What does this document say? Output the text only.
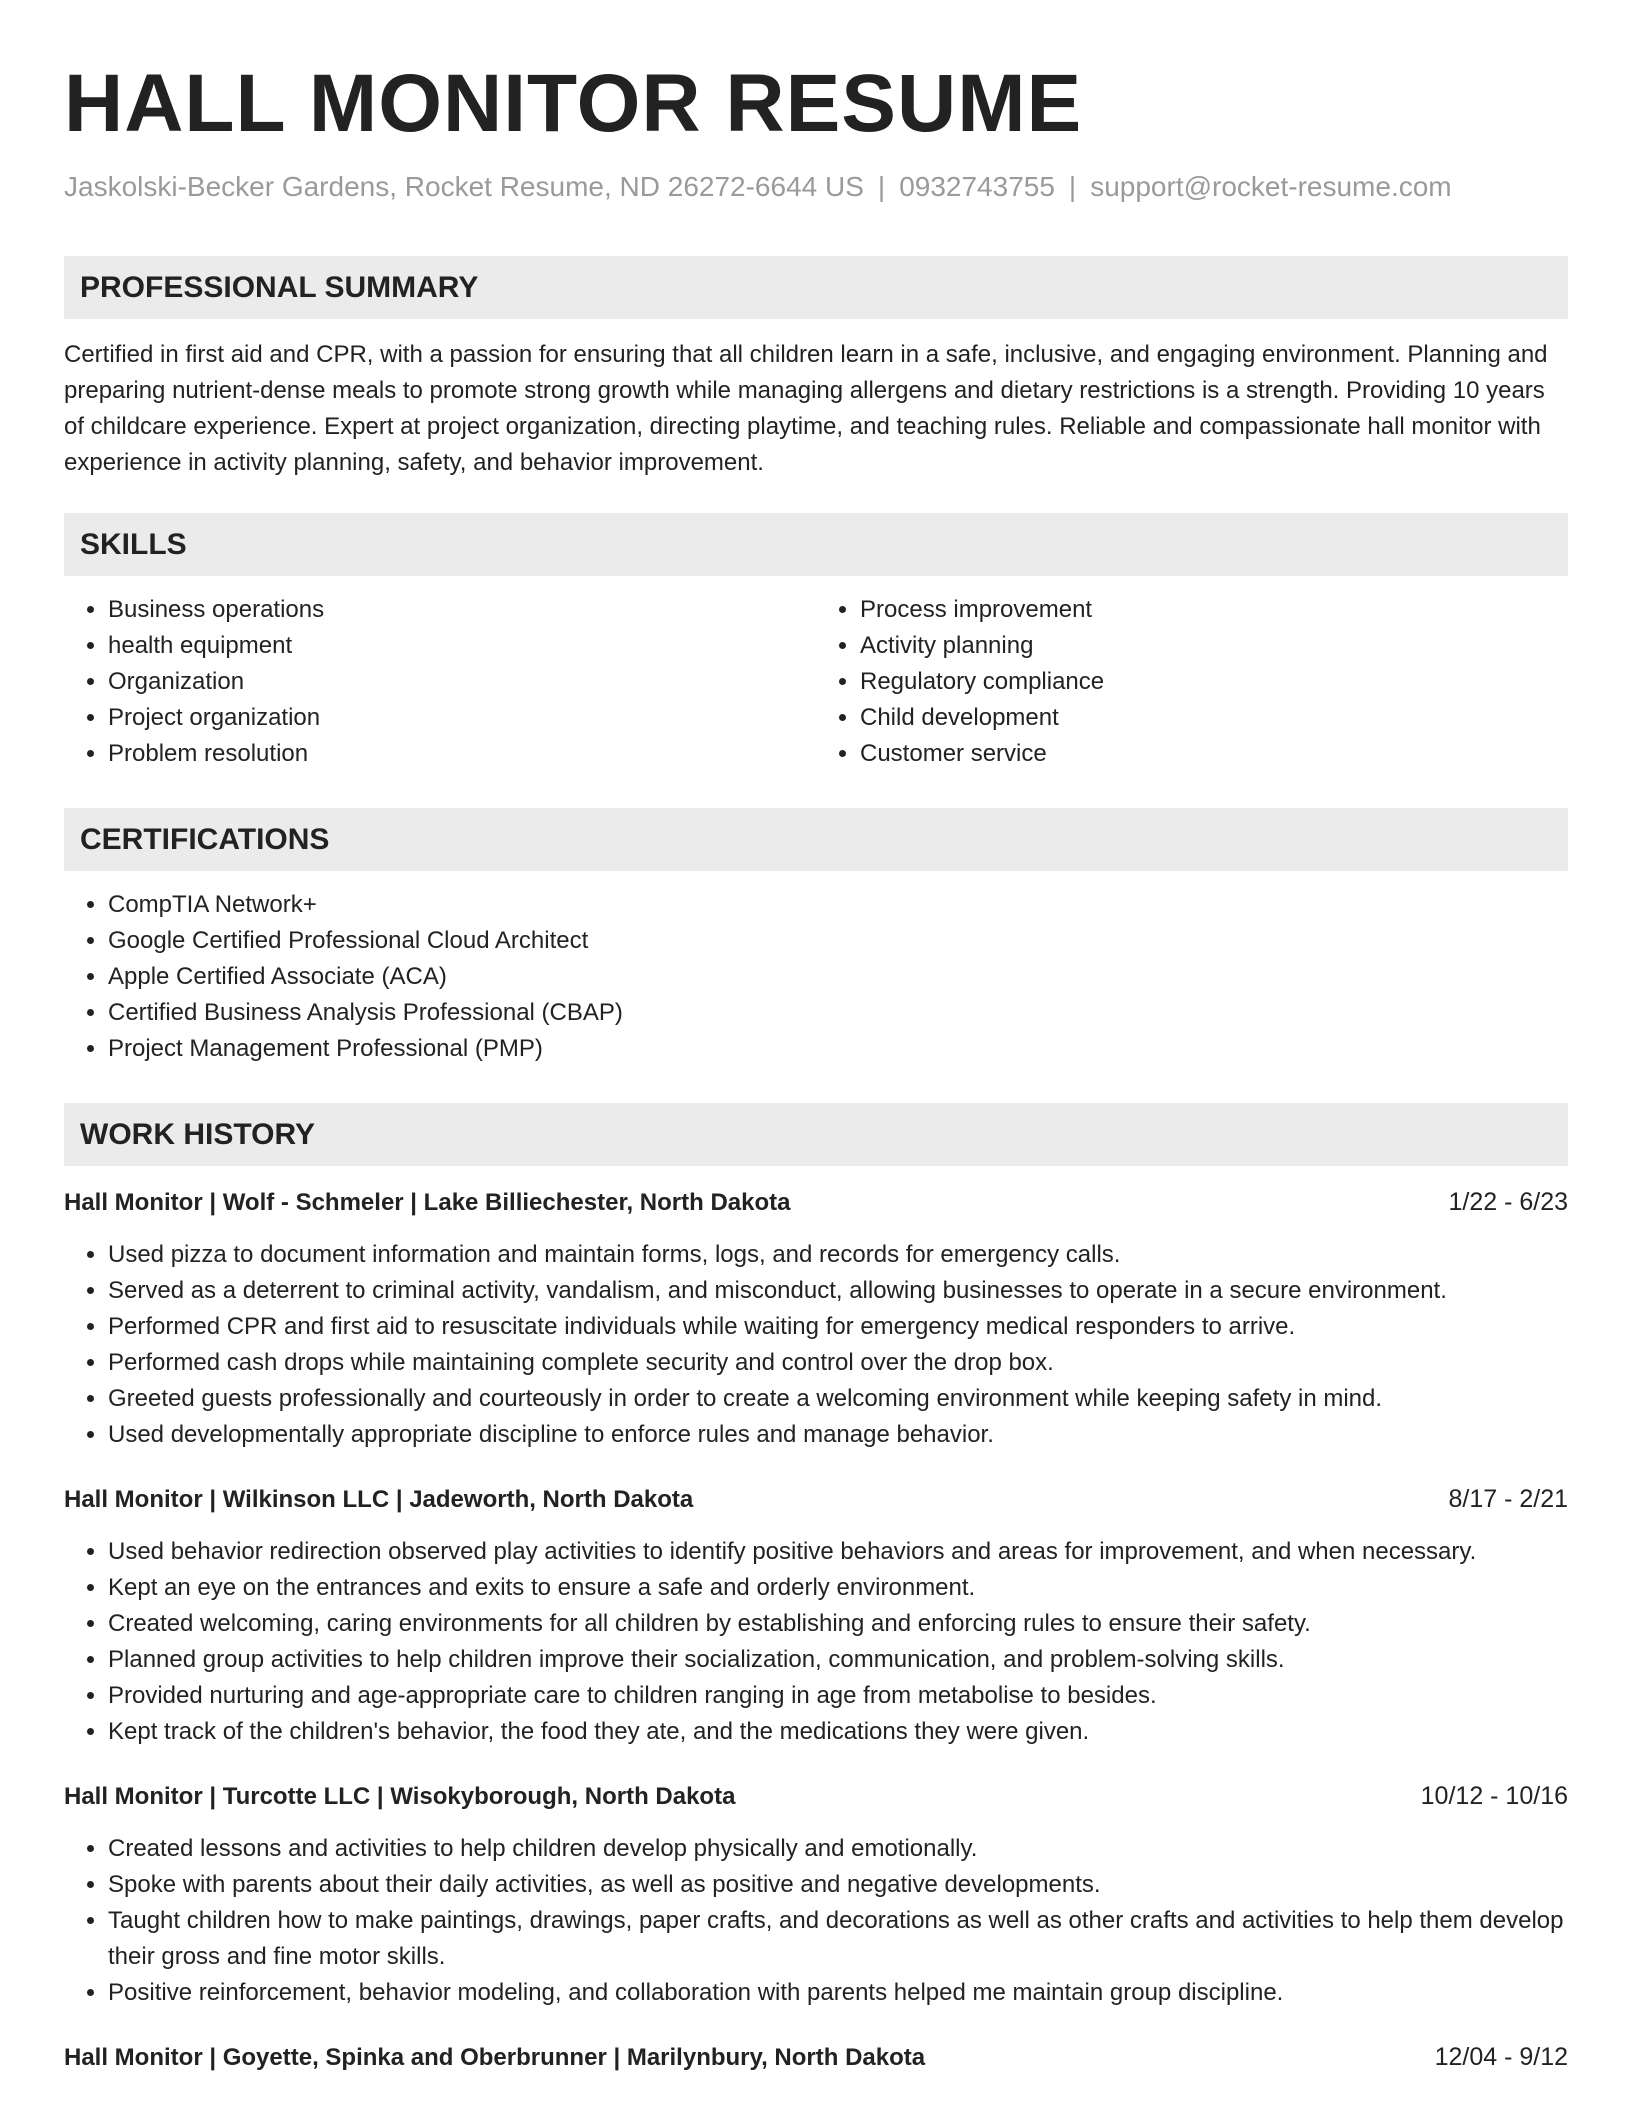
HALL MONITOR RESUME
Jaskolski-Becker Gardens, Rocket Resume, ND 26272-6644 US | 0932743755 | support@rocket-resume.com
PROFESSIONAL SUMMARY

Certified in first aid and CPR, with a passion for ensuring that all children learn in a safe, inclusive, and engaging environment. Planning and preparing nutrient-dense meals to promote strong growth while managing allergens and dietary restrictions is a strength. Providing 10 years of childcare experience. Expert at project organization, directing playtime, and teaching rules. Reliable and compassionate hall monitor with experience in activity planning, safety, and behavior improvement.

SKILLS
• Business operations
• health equipment
• Organization
• Project organization
• Problem resolution
• Process improvement
• Activity planning
• Regulatory compliance
• Child development
• Customer service
CERTIFICATIONS
• CompTIA Network+
• Google Certified Professional Cloud Architect
• Apple Certified Associate (ACA)
• Certified Business Analysis Professional (CBAP)
• Project Management Professional (PMP)
WORK HISTORY
Hall Monitor | Wolf - Schmeler | Lake Billiechester, North Dakota	1/22 - 6/23
• Used pizza to document information and maintain forms, logs, and records for emergency calls.
• Served as a deterrent to criminal activity, vandalism, and misconduct, allowing businesses to operate in a secure environment.
• Performed CPR and first aid to resuscitate individuals while waiting for emergency medical responders to arrive.
• Performed cash drops while maintaining complete security and control over the drop box.
• Greeted guests professionally and courteously in order to create a welcoming environment while keeping safety in mind.
• Used developmentally appropriate discipline to enforce rules and manage behavior.
Hall Monitor | Wilkinson LLC | Jadeworth, North Dakota	8/17 - 2/21
• Used behavior redirection observed play activities to identify positive behaviors and areas for improvement, and when necessary.
• Kept an eye on the entrances and exits to ensure a safe and orderly environment.
• Created welcoming, caring environments for all children by establishing and enforcing rules to ensure their safety.
• Planned group activities to help children improve their socialization, communication, and problem-solving skills.
• Provided nurturing and age-appropriate care to children ranging in age from metabolise to besides.
• Kept track of the children's behavior, the food they ate, and the medications they were given.
Hall Monitor | Turcotte LLC | Wisokyborough, North Dakota	10/12 - 10/16
• Created lessons and activities to help children develop physically and emotionally.
• Spoke with parents about their daily activities, as well as positive and negative developments.
• Taught children how to make paintings, drawings, paper crafts, and decorations as well as other crafts and activities to help them develop their gross and fine motor skills.
• Positive reinforcement, behavior modeling, and collaboration with parents helped me maintain group discipline.
Hall Monitor | Goyette, Spinka and Oberbrunner | Marilynbury, North Dakota	12/04 - 9/12
